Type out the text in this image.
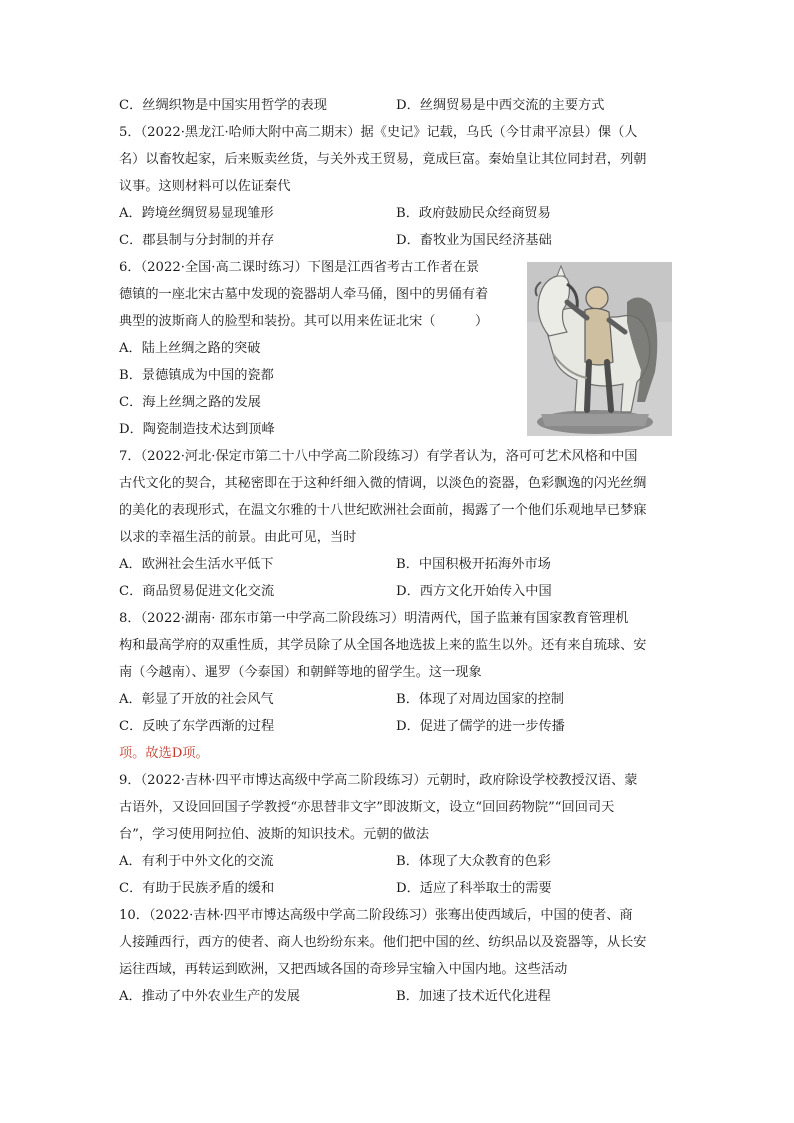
C．丝绸织物是中国实用哲学的表现	D．丝绸贸易是中西交流的主要方式
5．（2022·黑龙江·哈师大附中高二期末）据《史记》记载，乌氏（今甘肃平凉县）倮（人
名）以畜牧起家，后来贩卖丝货，与关外戎王贸易，竟成巨富。秦始皇让其位同封君，列朝
议事。这则材料可以佐证秦代
A．跨境丝绸贸易显现雏形	B．政府鼓励民众经商贸易
C．郡县制与分封制的并存	D．畜牧业为国民经济基础
6．（2022·全国·高二课时练习）下图是江西省考古工作者在景
德镇的一座北宋古墓中发现的瓷器胡人牵马俑，图中的男俑有着
典型的波斯商人的脸型和装扮。其可以用来佐证北宋（　　　）
A．陆上丝绸之路的突破
B．景德镇成为中国的瓷都
C．海上丝绸之路的发展
D．陶瓷制造技术达到顶峰
7．（2022·河北·保定市第二十八中学高二阶段练习）有学者认为，洛可可艺术风格和中国
古代文化的契合，其秘密即在于这种纤细入微的情调，以淡色的瓷器，色彩飘逸的闪光丝绸
的美化的表现形式，在温文尔雅的十八世纪欧洲社会面前，揭露了一个他们乐观地早已梦寐
以求的幸福生活的前景。由此可见，当时
A．欧洲社会生活水平低下	B．中国积极开拓海外市场
C．商品贸易促进文化交流	D．西方文化开始传入中国
8．（2022·湖南· 邵东市第一中学高二阶段练习）明清两代，国子监兼有国家教育管理机
构和最高学府的双重性质，其学员除了从全国各地选拔上来的监生以外。还有来自琉球、安
南（今越南）、暹罗（今泰国）和朝鲜等地的留学生。这一现象
A．彰显了开放的社会风气	B．体现了对周边国家的控制
C．反映了东学西渐的过程	D．促进了儒学的进一步传播
项。故选D项。
9．（2022·吉林·四平市博达高级中学高二阶段练习）元朝时，政府除设学校教授汉语、蒙
古语外，又设回回国子学教授“亦思替非文字”即波斯文，设立“回回药物院”“回回司天
台”，学习使用阿拉伯、波斯的知识技术。元朝的做法
A．有利于中外文化的交流	B．体现了大众教育的色彩
C．有助于民族矛盾的缓和	D．适应了科举取士的需要
10．（2022·吉林·四平市博达高级中学高二阶段练习）张骞出使西域后，中国的使者、商
人接踵西行，西方的使者、商人也纷纷东来。他们把中国的丝、纺织品以及瓷器等，从长安
运往西域，再转运到欧洲，又把西域各国的奇珍异宝输入中国内地。这些活动
A．推动了中外农业生产的发展	B．加速了技术近代化进程
